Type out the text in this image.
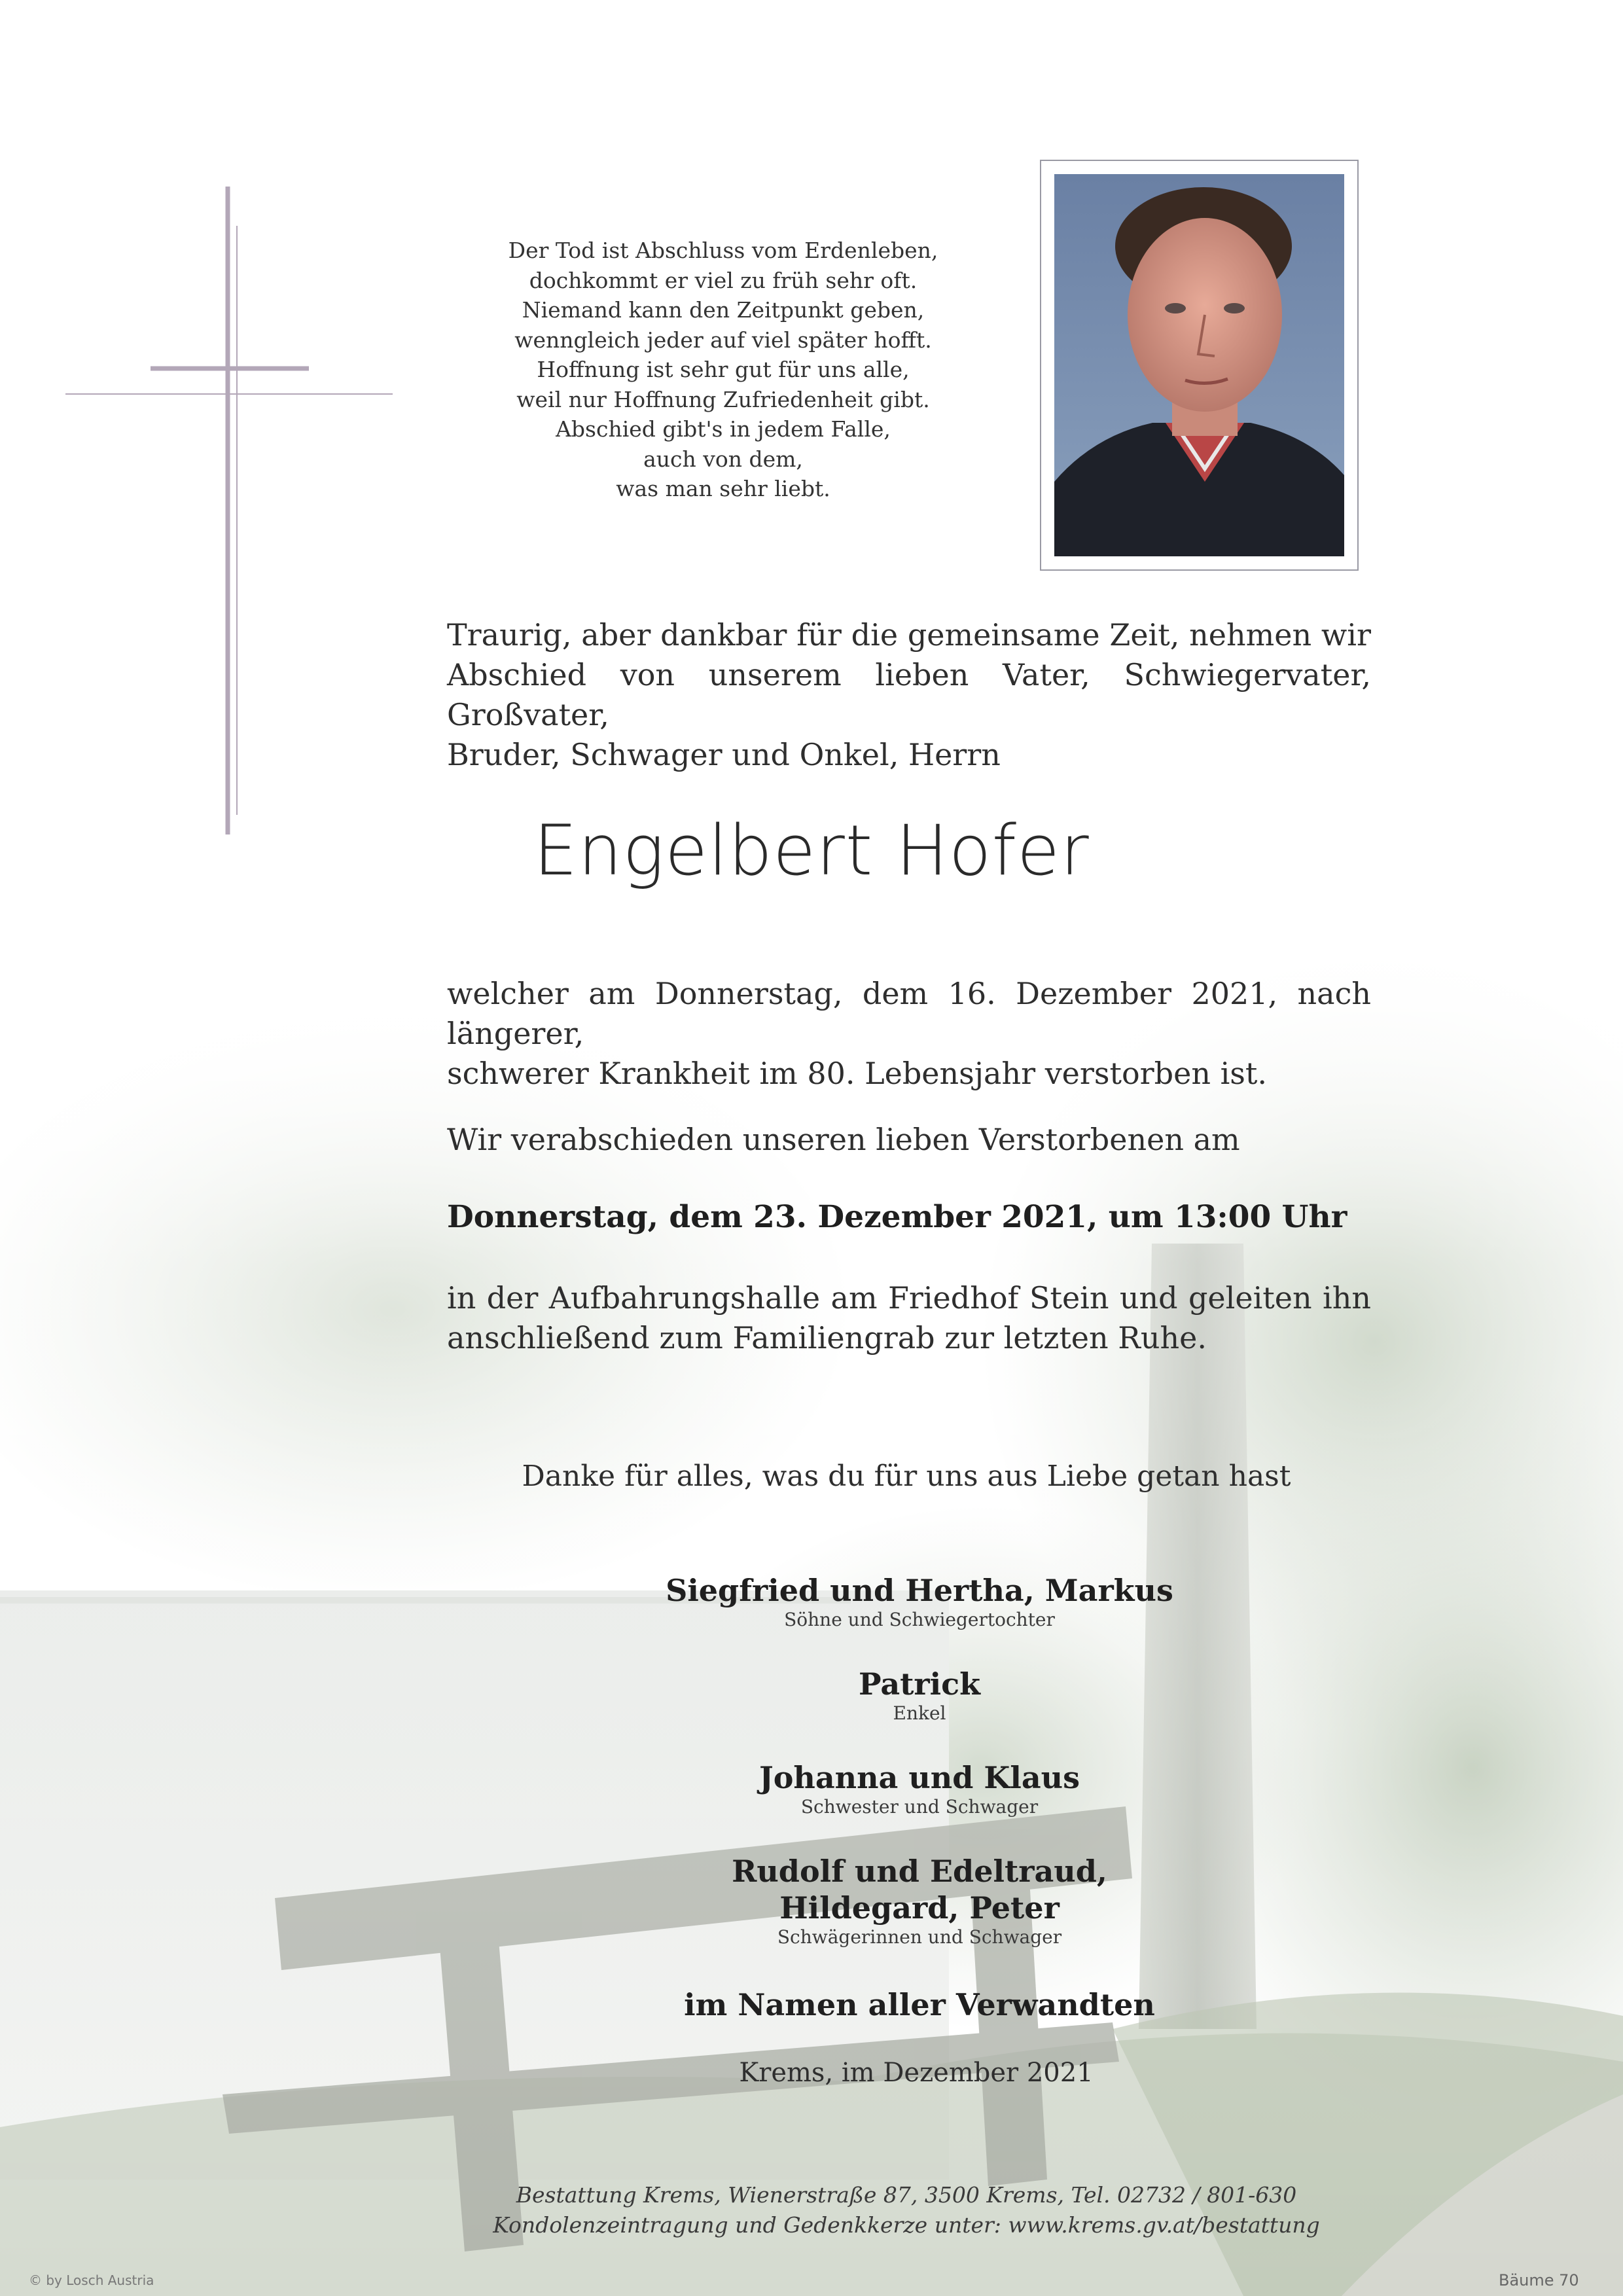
Der Tod ist Abschluss vom Erdenleben,
dochkommt er viel zu früh sehr oft.
Niemand kann den Zeitpunkt geben,
wenngleich jeder auf viel später hofft.
Hoffnung ist sehr gut für uns alle,
weil nur Hoffnung Zufriedenheit gibt.
Abschied gibt's in jedem Falle,
auch von dem,
was man sehr liebt.
Traurig, aber dankbar für die gemeinsame Zeit, nehmen wir
Abschied von unserem lieben Vater, Schwiegervater, Großvater,
Bruder, Schwager und Onkel, Herrn
Engelbert Hofer
welcher am Donnerstag, dem 16. Dezember 2021, nach längerer,
schwerer Krankheit im 80. Lebensjahr verstorben ist.
Wir verabschieden unseren lieben Verstorbenen am
Donnerstag, dem 23. Dezember 2021, um 13:00 Uhr
in der Aufbahrungshalle am Friedhof Stein und geleiten ihn
anschließend zum Familiengrab zur letzten Ruhe.
Danke für alles, was du für uns aus Liebe getan hast
Siegfried und Hertha, Markus
Söhne und Schwiegertochter
Patrick
Enkel
Johanna und Klaus
Schwester und Schwager
Rudolf und Edeltraud, Hildegard, Peter
Schwägerinnen und Schwager
im Namen aller Verwandten
Krems, im Dezember 2021
Bestattung Krems, Wienerstraße 87, 3500 Krems, Tel. 02732 / 801-630
Kondolenzeintragung und Gedenkkerze unter: www.krems.gv.at/bestattung
© by Losch Austria	Bäume 70
